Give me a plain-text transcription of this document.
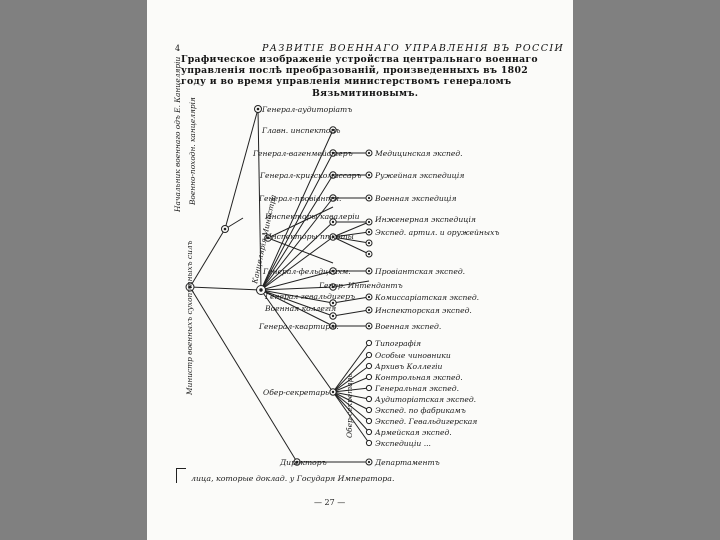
4	РАЗВИТІЕ ВОЕННАГО УПРАВЛЕНІЯ ВЪ РОССІИ
Графическое изображеніе устройства центральнаго военнаго
управленія послѣ преобразованій, произведенныхъ въ 1802
году и во время управленія министерствомъ генераломъ
Вязьмитиновымъ.
Начальник военнаго одъ Е. Канцеляріи Военно-походн. канцелярія
Министр военныхъ сухопутныхъ силъ
Канцелярія Министра
Обер-секретарь
Генерал-аудиторіатъ
Главн. инспекторъ
Генерал-вагенмейстеръ
Генерал-кригскомиссаръ
Генерал-провіантм.
Инспекторы кавалеріи
Инспекторы пѣхоты
Генерал-фельдцейхм.
Генерал-гевальдигеръ
Военная коллегія
Генерал-квартирм.
Генер. Интендантъ
Обер-секретарь
Директоръ
Медицинская экспед.
Ружейная экспедиція
Военная экспедиція
Инженерная экспедиція
Экспед. артил. и оружейныхъ
Провіантская экспед.
Комиссаріатская экспед.
Инспекторская экспед.
Военная экспед.
Типографія
Особые чиновники
Архивъ Коллегіи
Контрольная экспед.
Генеральная экспед.
Аудиторіатская экспед.
Экспед. по фабрикамъ
Экспед. Гевальдигерская
Армейская экспед.
Экспедиціи ...
Департаментъ
лица, которые доклад. у Государя Императора.
— 27 —
